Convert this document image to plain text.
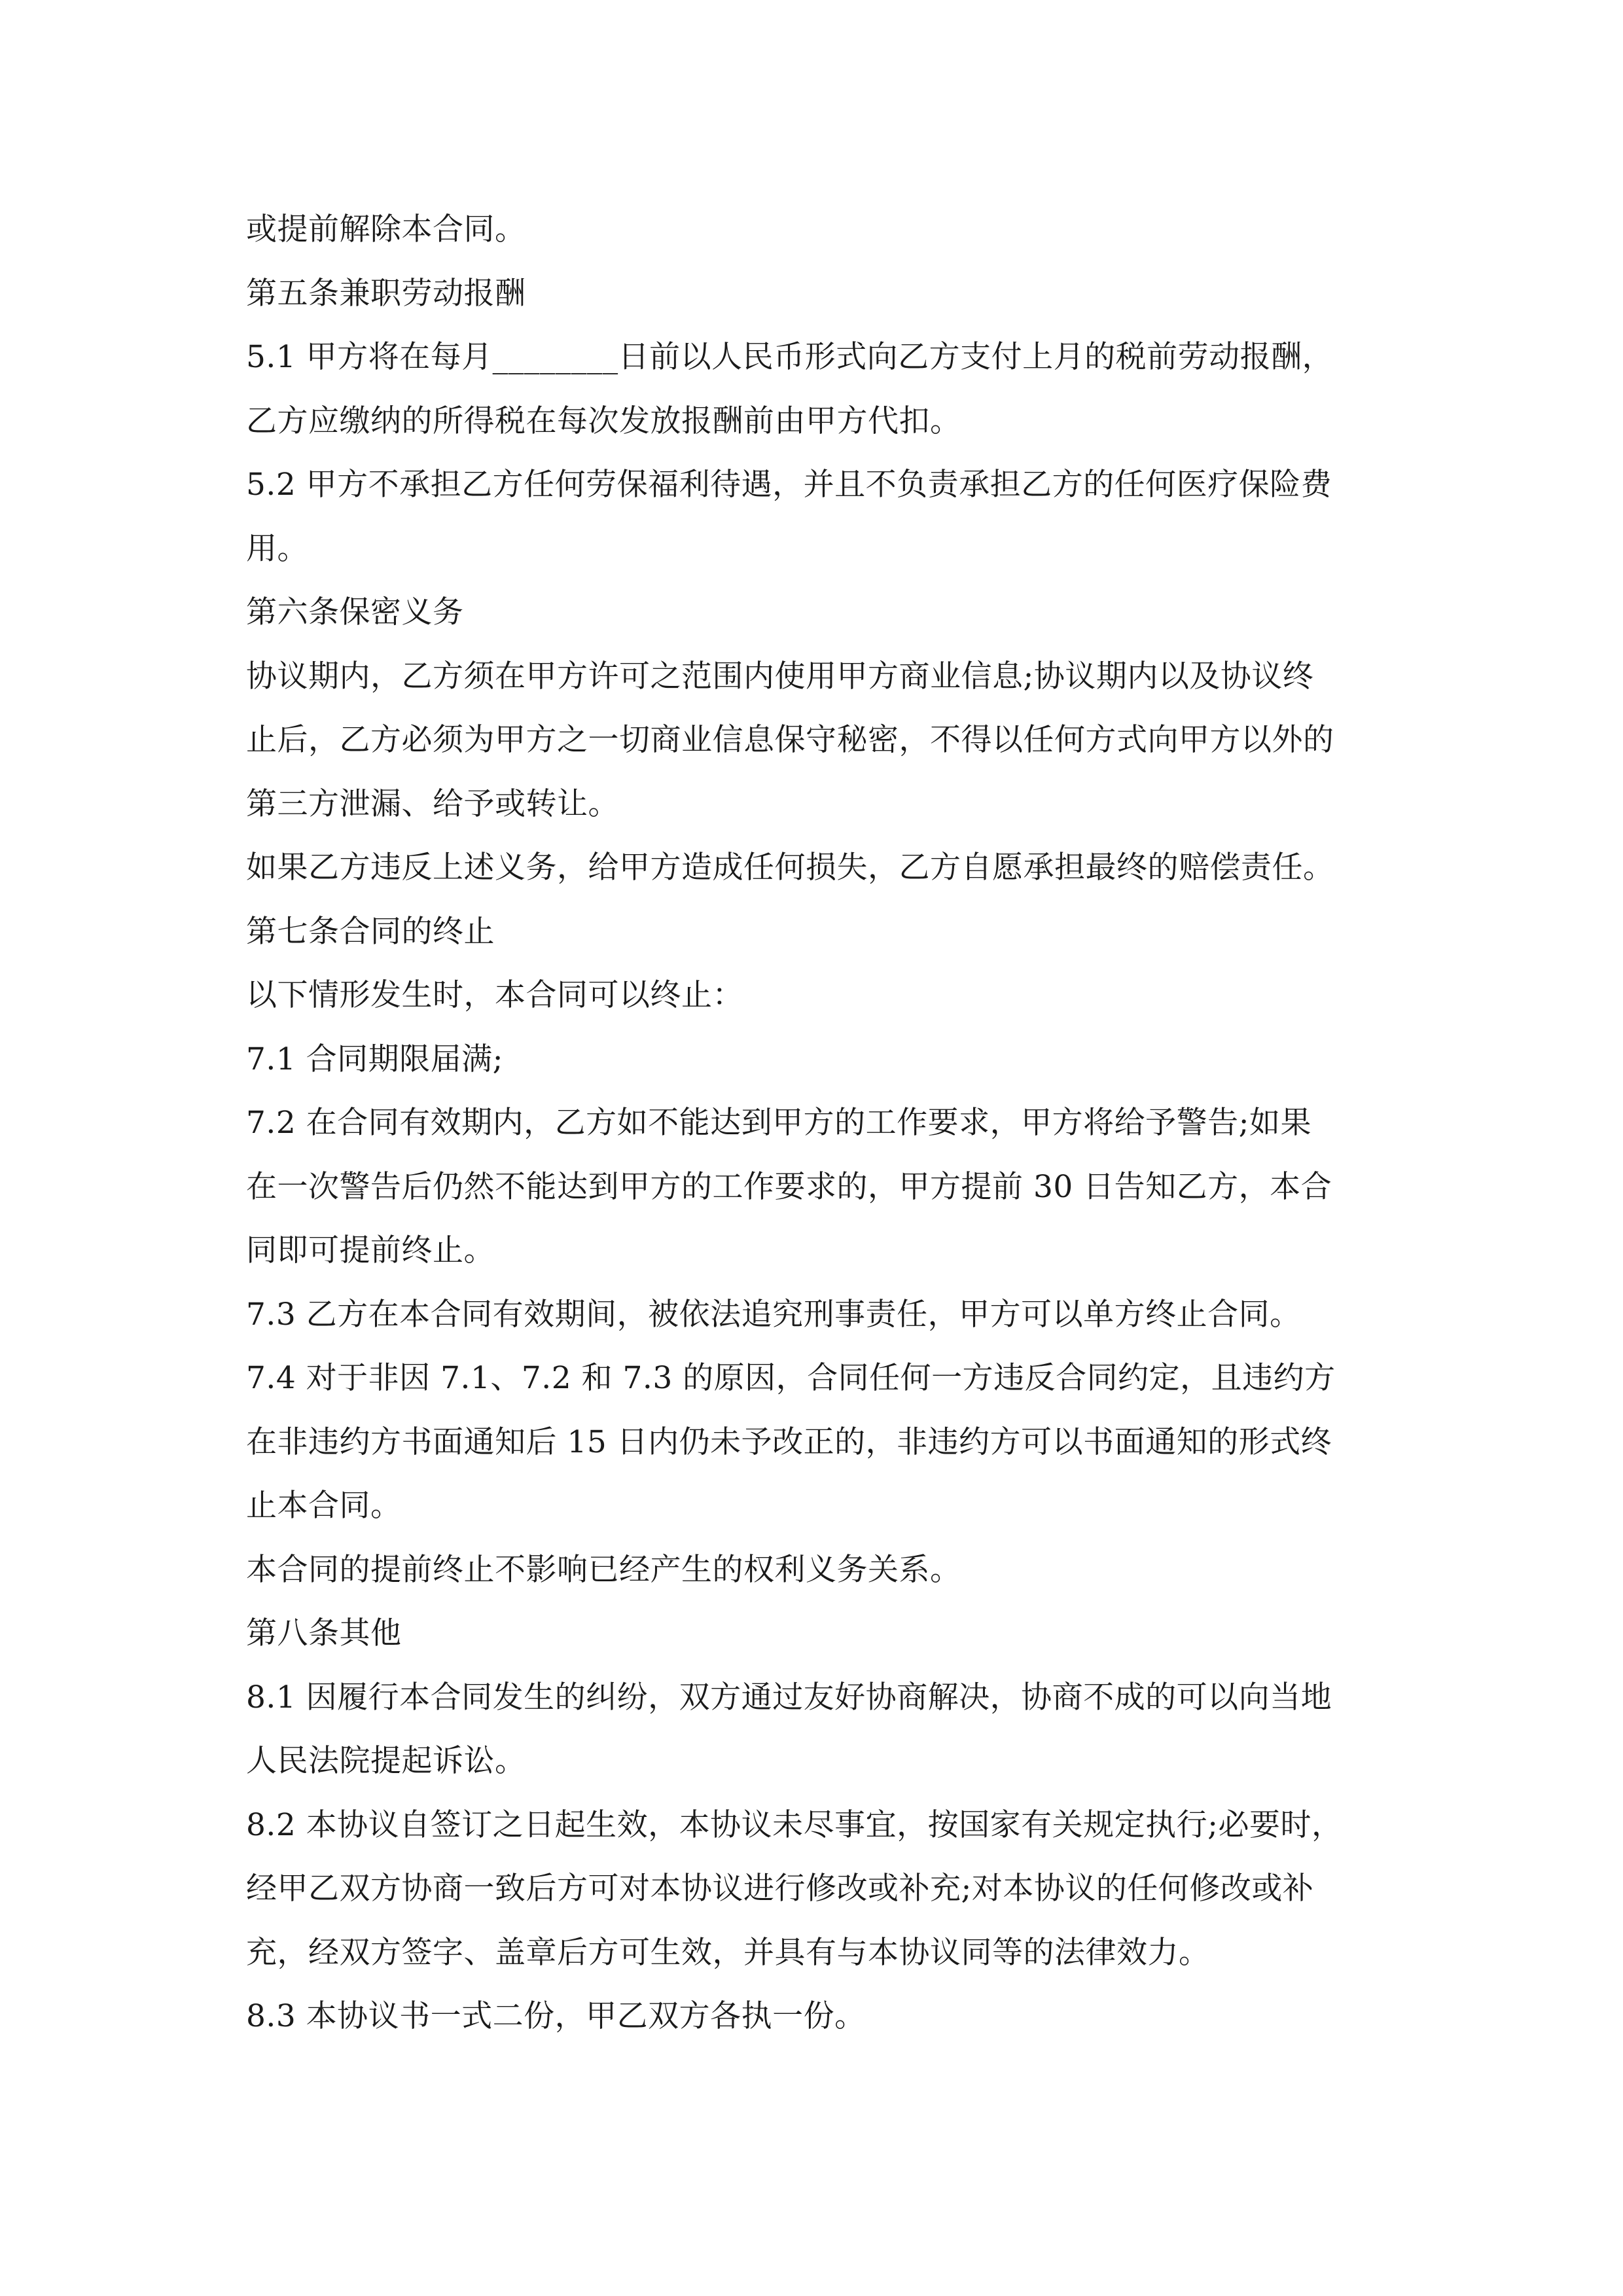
或提前解除本合同。
第五条兼职劳动报酬
5.1 甲方将在每月________日前以人民币形式向乙方支付上月的税前劳动报酬，
乙方应缴纳的所得税在每次发放报酬前由甲方代扣。
5.2 甲方不承担乙方任何劳保福利待遇，并且不负责承担乙方的任何医疗保险费
用。
第六条保密义务
协议期内，乙方须在甲方许可之范围内使用甲方商业信息;协议期内以及协议终
止后，乙方必须为甲方之一切商业信息保守秘密，不得以任何方式向甲方以外的
第三方泄漏、给予或转让。
如果乙方违反上述义务，给甲方造成任何损失，乙方自愿承担最终的赔偿责任。
第七条合同的终止
以下情形发生时，本合同可以终止：
7.1 合同期限届满;
7.2 在合同有效期内，乙方如不能达到甲方的工作要求，甲方将给予警告;如果
在一次警告后仍然不能达到甲方的工作要求的，甲方提前 30 日告知乙方，本合
同即可提前终止。
7.3 乙方在本合同有效期间，被依法追究刑事责任，甲方可以单方终止合同。
7.4 对于非因 7.1、7.2 和 7.3 的原因，合同任何一方违反合同约定，且违约方
在非违约方书面通知后 15 日内仍未予改正的，非违约方可以书面通知的形式终
止本合同。
本合同的提前终止不影响已经产生的权利义务关系。
第八条其他
8.1 因履行本合同发生的纠纷，双方通过友好协商解决，协商不成的可以向当地
人民法院提起诉讼。
8.2 本协议自签订之日起生效，本协议未尽事宜，按国家有关规定执行;必要时，
经甲乙双方协商一致后方可对本协议进行修改或补充;对本协议的任何修改或补
充，经双方签字、盖章后方可生效，并具有与本协议同等的法律效力。
8.3 本协议书一式二份，甲乙双方各执一份。
